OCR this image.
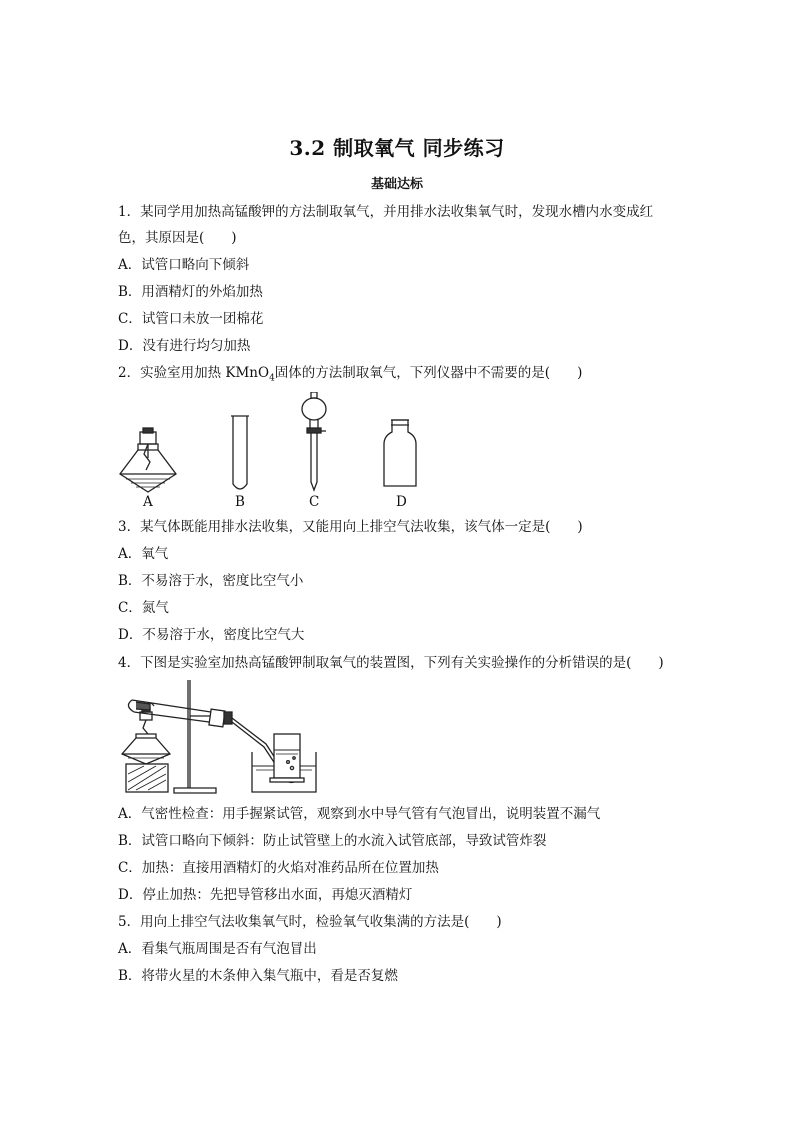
3.2 制取氧气 同步练习
基础达标
1．某同学用加热高锰酸钾的方法制取氧气，并用排水法收集氧气时，发现水槽内水变成红
色，其原因是(　　)
A．试管口略向下倾斜
B．用酒精灯的外焰加热
C．试管口未放一团棉花
D．没有进行均匀加热
2．实验室用加热 KMnO$_4$固体的方法制取氧气，下列仪器中不需要的是(　　)
A	B	C	D
3．某气体既能用排水法收集，又能用向上排空气法收集，该气体一定是(　　)
A．氧气
B．不易溶于水，密度比空气小
C．氮气
D．不易溶于水，密度比空气大
4．下图是实验室加热高锰酸钾制取氧气的装置图，下列有关实验操作的分析错误的是(　　)
A．气密性检查：用手握紧试管，观察到水中导气管有气泡冒出，说明装置不漏气
B．试管口略向下倾斜：防止试管壁上的水流入试管底部，导致试管炸裂
C．加热：直接用酒精灯的火焰对准药品所在位置加热
D．停止加热：先把导管移出水面，再熄灭酒精灯
5．用向上排空气法收集氧气时，检验氧气收集满的方法是(　　)
A．看集气瓶周围是否有气泡冒出
B．将带火星的木条伸入集气瓶中，看是否复燃
